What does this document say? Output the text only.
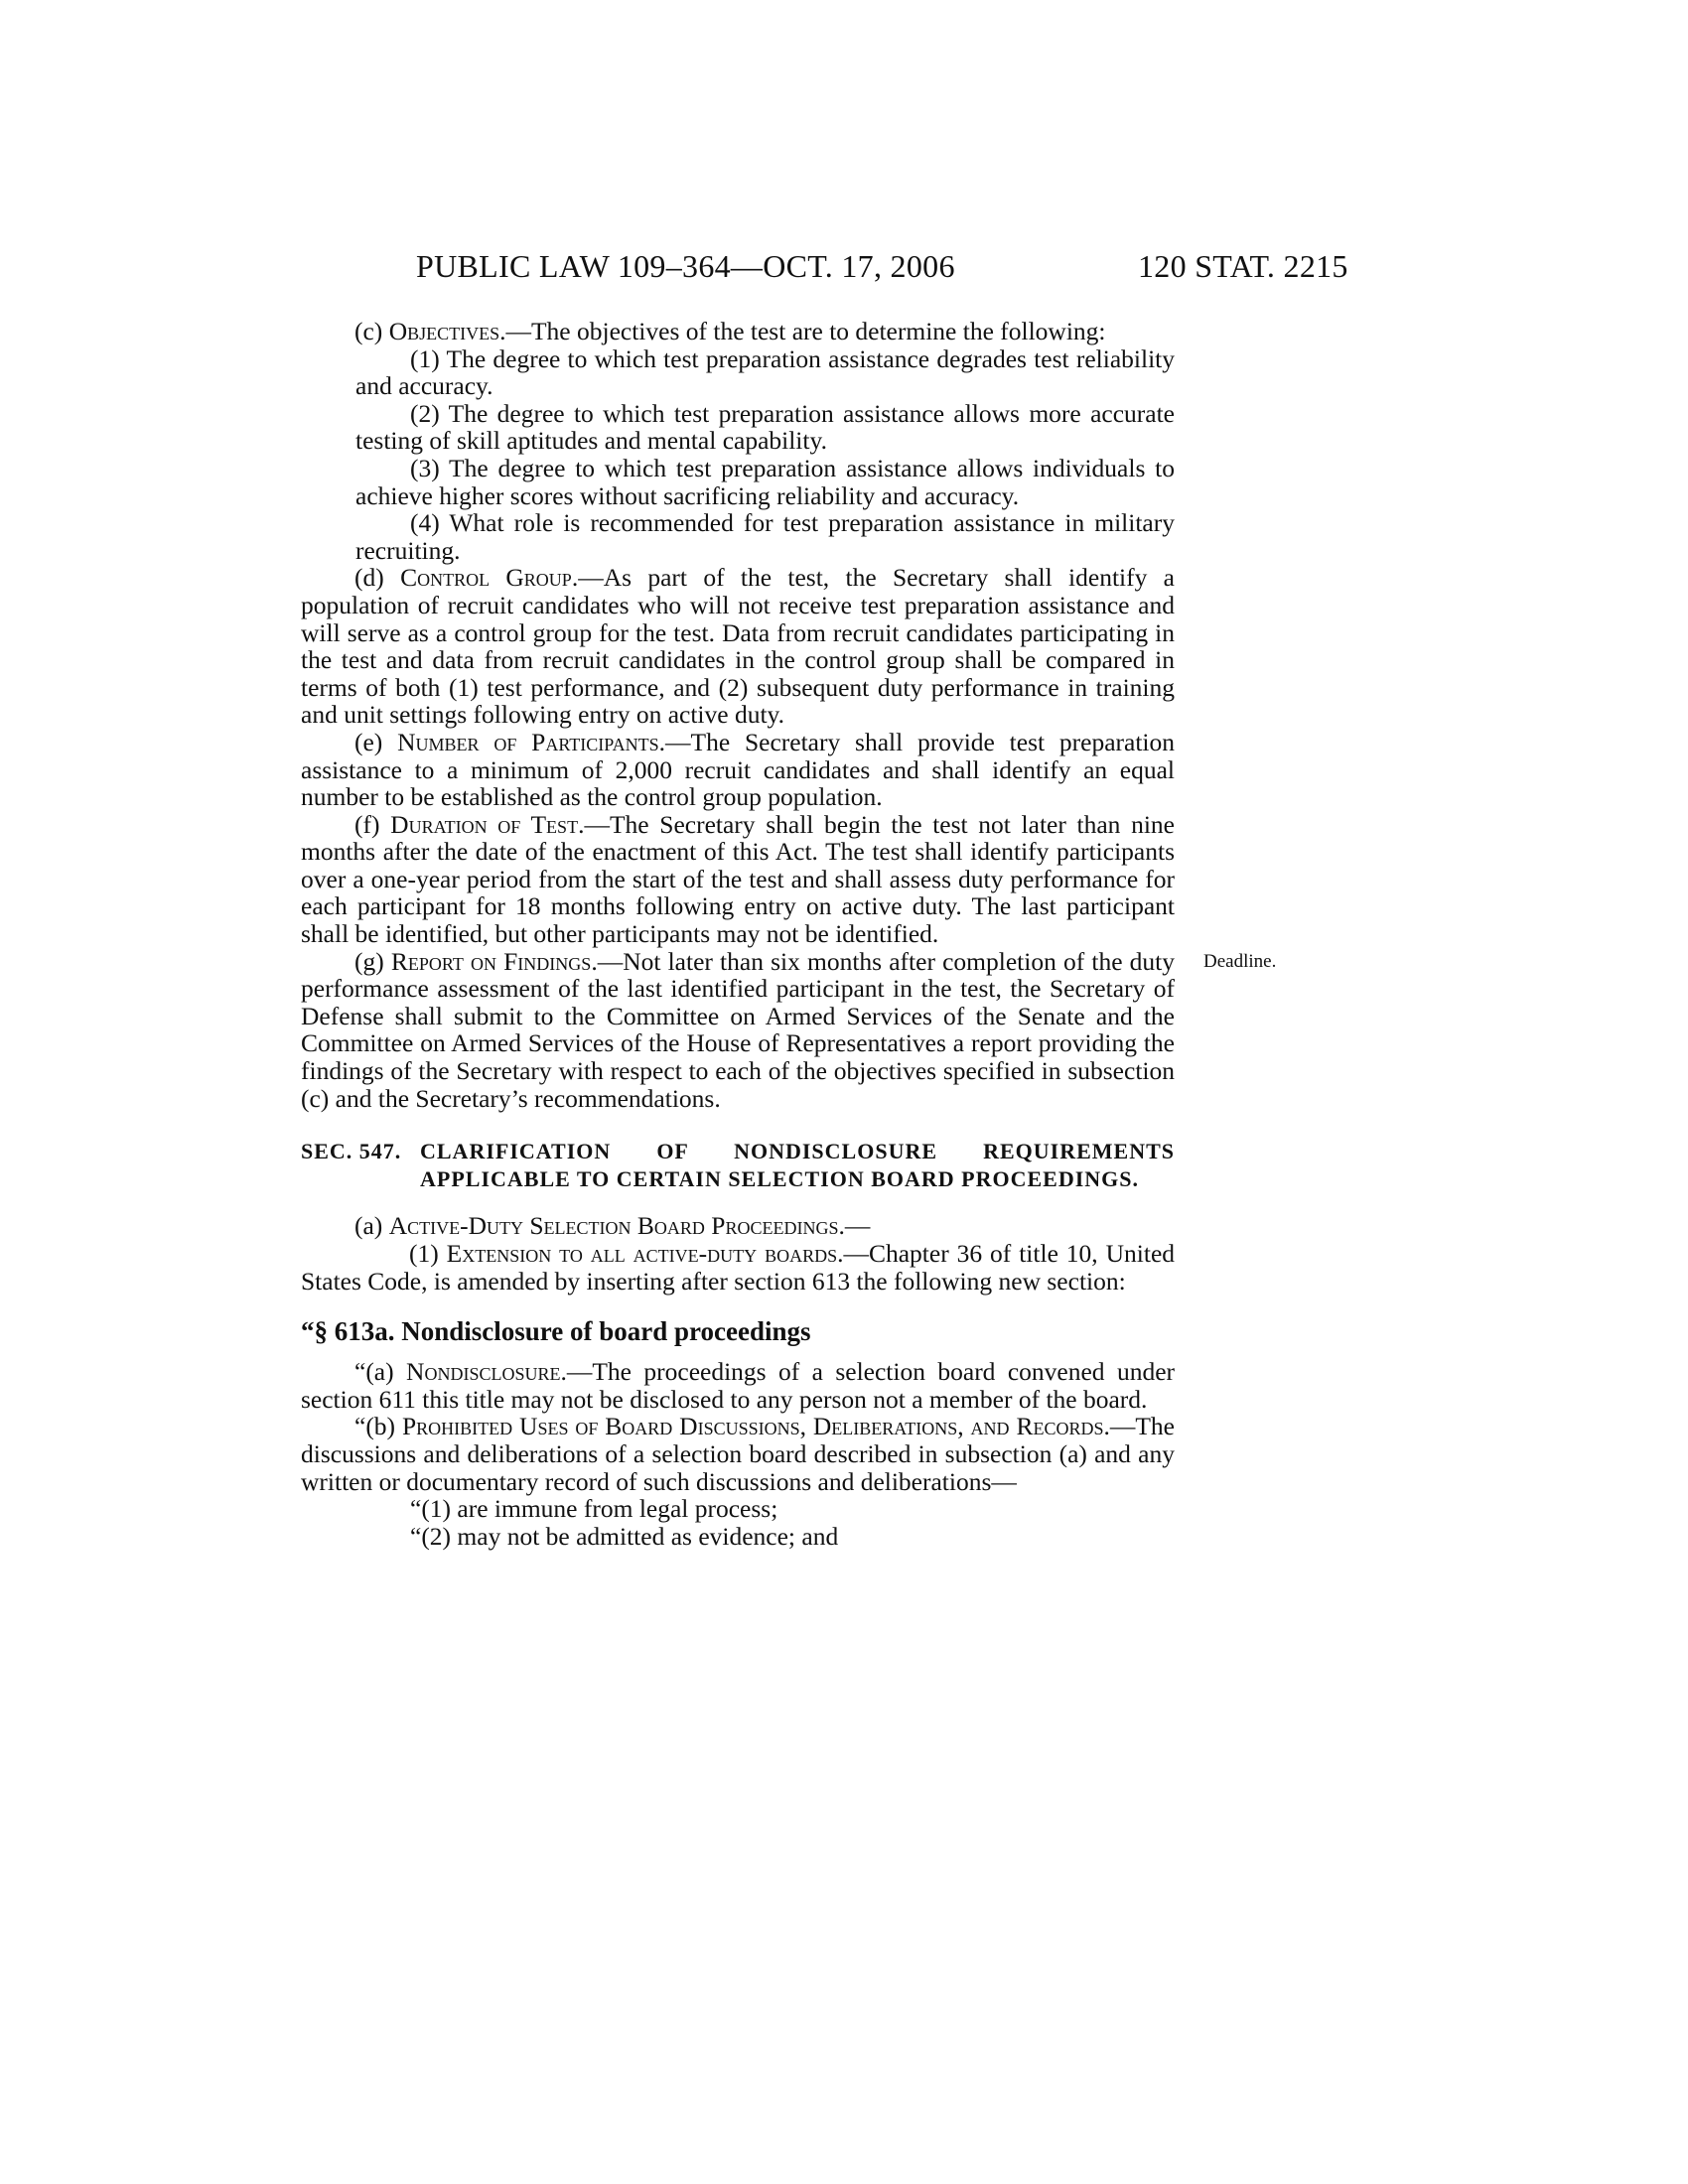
PUBLIC LAW 109–364—OCT. 17, 2006	120 STAT. 2215
Deadline.

(c) Objectives.—The objectives of the test are to determine the following:

(1) The degree to which test preparation assistance degrades test reliability and accuracy.

(2) The degree to which test preparation assistance allows more accurate testing of skill aptitudes and mental capability.

(3) The degree to which test preparation assistance allows individuals to achieve higher scores without sacrificing reliability and accuracy.

(4) What role is recommended for test preparation assistance in military recruiting.

(d) Control Group.—As part of the test, the Secretary shall identify a population of recruit candidates who will not receive test preparation assistance and will serve as a control group for the test. Data from recruit candidates participating in the test and data from recruit candidates in the control group shall be compared in terms of both (1) test performance, and (2) subsequent duty performance in training and unit settings following entry on active duty.

(e) Number of Participants.—The Secretary shall provide test preparation assistance to a minimum of 2,000 recruit candidates and shall identify an equal number to be established as the control group population.

(f) Duration of Test.—The Secretary shall begin the test not later than nine months after the date of the enactment of this Act. The test shall identify participants over a one-year period from the start of the test and shall assess duty performance for each participant for 18 months following entry on active duty. The last participant shall be identified, but other participants may not be identified.

(g) Report on Findings.—Not later than six months after completion of the duty performance assessment of the last identified participant in the test, the Secretary of Defense shall submit to the Committee on Armed Services of the Senate and the Committee on Armed Services of the House of Representatives a report providing the findings of the Secretary with respect to each of the objectives specified in subsection (c) and the Secretary’s recommendations.

SEC. 547. CLARIFICATION OF NONDISCLOSURE REQUIREMENTS APPLICABLE TO CERTAIN SELECTION BOARD PROCEEDINGS.

(a) Active-Duty Selection Board Proceedings.—

(1) Extension to all active-duty boards.—Chapter 36 of title 10, United States Code, is amended by inserting after section 613 the following new section:

“§ 613a. Nondisclosure of board proceedings

“(a) Nondisclosure.—The proceedings of a selection board convened under section 611 this title may not be disclosed to any person not a member of the board.

“(b) Prohibited Uses of Board Discussions, Deliberations, and Records.—The discussions and deliberations of a selection board described in subsection (a) and any written or documentary record of such discussions and deliberations—

“(1) are immune from legal process;

“(2) may not be admitted as evidence; and
